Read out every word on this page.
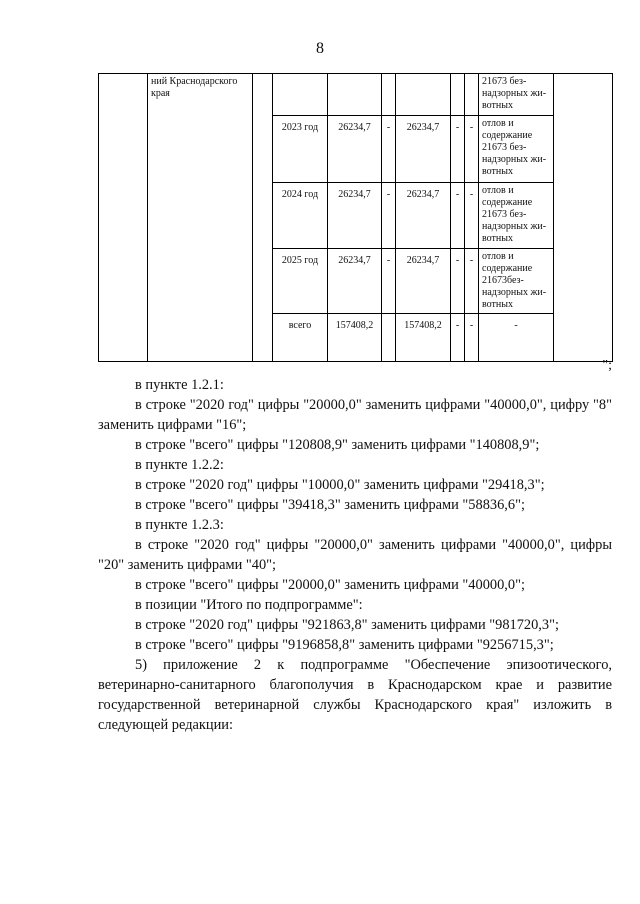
8
	ний Краснодарского края								21673 без-
надзорных жи-
вотных	
			2023 год	26234,7	-	26234,7	-	-	отлов и
содержание
21673 без-
надзорных жи-
вотных	
			2024 год	26234,7	-	26234,7	-	-	отлов и
содержание
21673 без-
надзорных жи-
вотных	
			2025 год	26234,7	-	26234,7	-	-	отлов и
содержание
21673без-
надзорных жи-
вотных	
			всего	157408,2		157408,2	-	-	-	
";

в пункте 1.2.1:

в строке "2020 год" цифры "20000,0" заменить цифрами "40000,0", цифру "8" заменить цифрами "16";

в строке "всего" цифры "120808,9" заменить цифрами "140808,9";

в пункте 1.2.2:

в строке "2020 год" цифры "10000,0" заменить цифрами "29418,3";

в строке "всего" цифры "39418,3" заменить цифрами "58836,6";

в пункте 1.2.3:

в строке "2020 год" цифры "20000,0" заменить цифрами "40000,0", цифры "20" заменить цифрами "40";

в строке "всего" цифры "20000,0" заменить цифрами "40000,0";

в позиции "Итого по подпрограмме":

в строке "2020 год" цифры "921863,8" заменить цифрами "981720,3";

в строке "всего" цифры "9196858,8" заменить цифрами "9256715,3";

5) приложение 2 к подпрограмме "Обеспечение эпизоотического, ветеринарно-санитарного благополучия в Краснодарском крае и развитие государственной ветеринарной службы Краснодарского края" изложить в следующей редакции:
